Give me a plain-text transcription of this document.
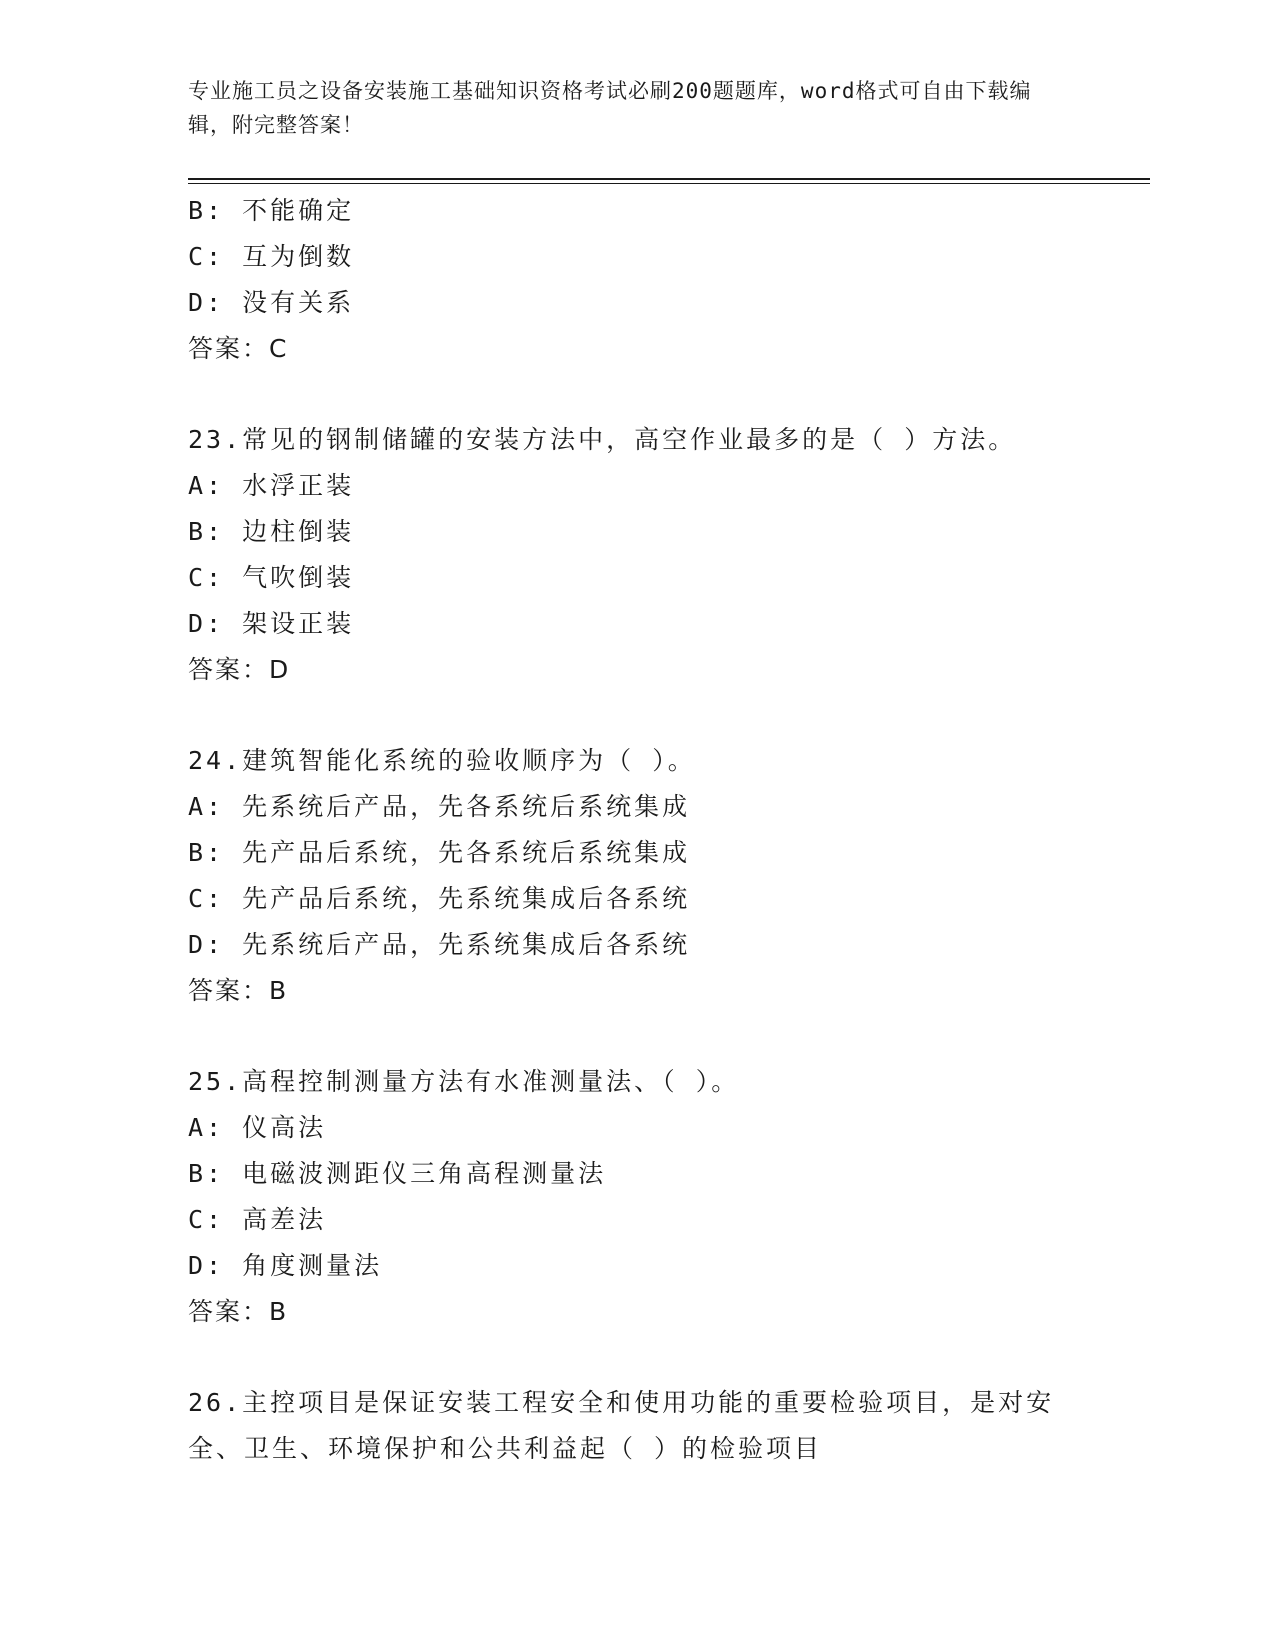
专业施工员之设备安装施工基础知识资格考试必刷200题题库，word格式可自由下载编辑，附完整答案！
B: 不能确定
C: 互为倒数
D: 没有关系
答案：C
23.常见的钢制储罐的安装方法中，高空作业最多的是（ ）方法。
A: 水浮正装
B: 边柱倒装
C: 气吹倒装
D: 架设正装
答案：D
24.建筑智能化系统的验收顺序为（ ）。
A: 先系统后产品，先各系统后系统集成
B: 先产品后系统，先各系统后系统集成
C: 先产品后系统，先系统集成后各系统
D: 先系统后产品，先系统集成后各系统
答案：B
25.高程控制测量方法有水准测量法、（ ）。
A: 仪高法
B: 电磁波测距仪三角高程测量法
C: 高差法
D: 角度测量法
答案：B
26.主控项目是保证安装工程安全和使用功能的重要检验项目，是对安全、卫生、环境保护和公共利益起（ ）的检验项目
